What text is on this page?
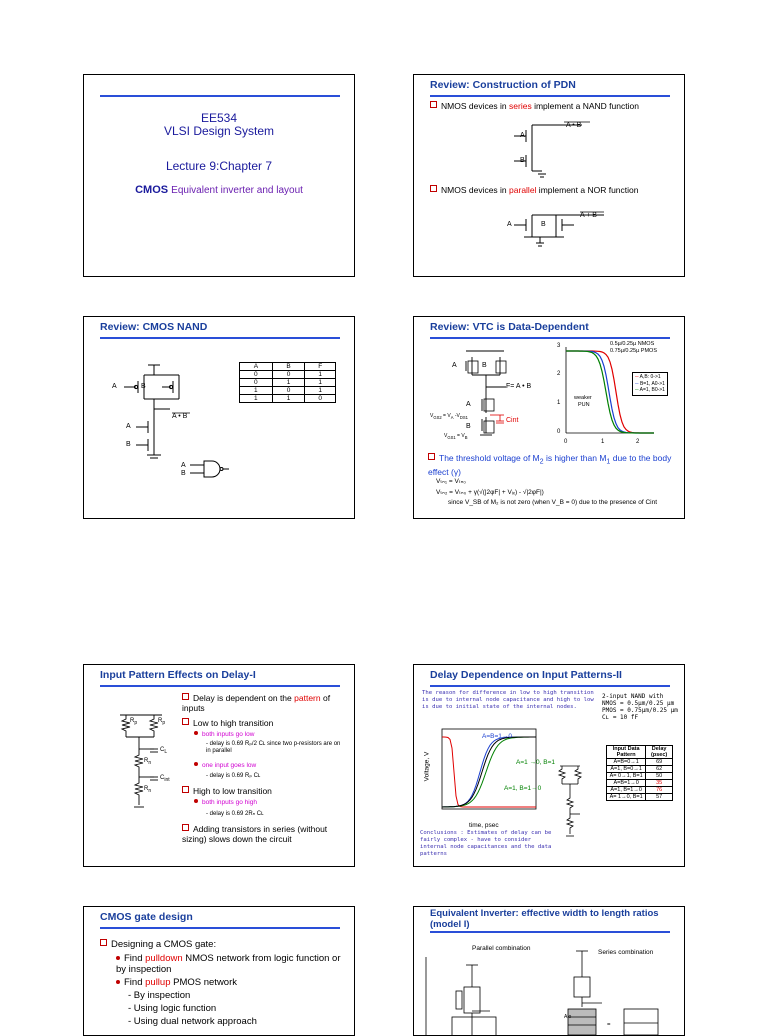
EE534
VLSI Design System
Lecture 9:Chapter 7
CMOS Equivalent inverter and layout
Review: Construction of PDN
NMOS devices in series implement a NAND function
A
B
A • B
NMOS devices in parallel implement a NOR function
A	B
A + B
Review: CMOS NAND
A	B
A • B
A
B
A
B
A	B	F
0	0	1
0	1	1
1	0	1
1	1	0
Review: VTC is Data-Dependent
A	B
F= A • B
A
B
Cint
$V_{GS2} = V_A$ $-V_{DS1}$
$V_{GS1} = V_B$
3
2
1
0
0	1	2
0.5µ/0.25µ NMOS
0.75µ/0.25µ PMOS
─ A,B: 0->1
─ B=1, A0->1
─ A=1, B0->1
weaker
PUN
The threshold voltage of $M_2$ is higher than $M_1$ due to the body effect (γ)
Vₜₙ₁ = Vₜₙ₀
Vₜₙ₂ = Vₜₙ₀ + γ(√(|2φF| + Vᵢₓ) - √|2φF|)
since V_SB of M₂ is not zero (when V_B = 0) due to the presence of Cint
Input Pattern Effects on Delay-I
$R_p$	$R_p$
$C_L$
$R_n$
$C_{int}$
$R_n$
Delay is dependent on the pattern of inputs
Low to high transition
both inputs go low
- delay is 0.69 Rₚ/2 Cʟ since two p-resistors are on in parallel
one input goes low
- delay is 0.69 Rₚ Cʟ
High to low transition
both inputs go high
- delay is 0.69 2Rₙ Cʟ
Adding transistors in series (without sizing) slows down the circuit
Delay Dependence on Input Patterns-II
The reason for difference in low to high transition is due to internal node capacitance and high to low is due to initial state of the internal nodes.
2-input NAND with
NMOS = 0.5µm/0.25 µm
PMOS = 0.75µm/0.25 µm
Cʟ = 10 fF
Voltage, V
time, psec
A=B=1→0
A=1 →0, B=1
A=1, B=1→0
Input Data Pattern	Delay (psec)
A=B=0→1	69
A=1, B=0→1	62
A= 0→1, B=1	50
A=B=1→0	35
A=1, B=1→0	76
A= 1→0, B=1	57
Conclusions : Estimates of delay can be fairly complex - have to consider internal node capacitances and the data patterns
CMOS gate design
Designing a CMOS gate:
Find pulldown NMOS network from logic function or by inspection
Find pullup PMOS network
- By inspection
- Using logic function
- Using dual network approach
Equivalent Inverter: effective width to length ratios (model I)
Parallel combination
Series combination
A o
=
